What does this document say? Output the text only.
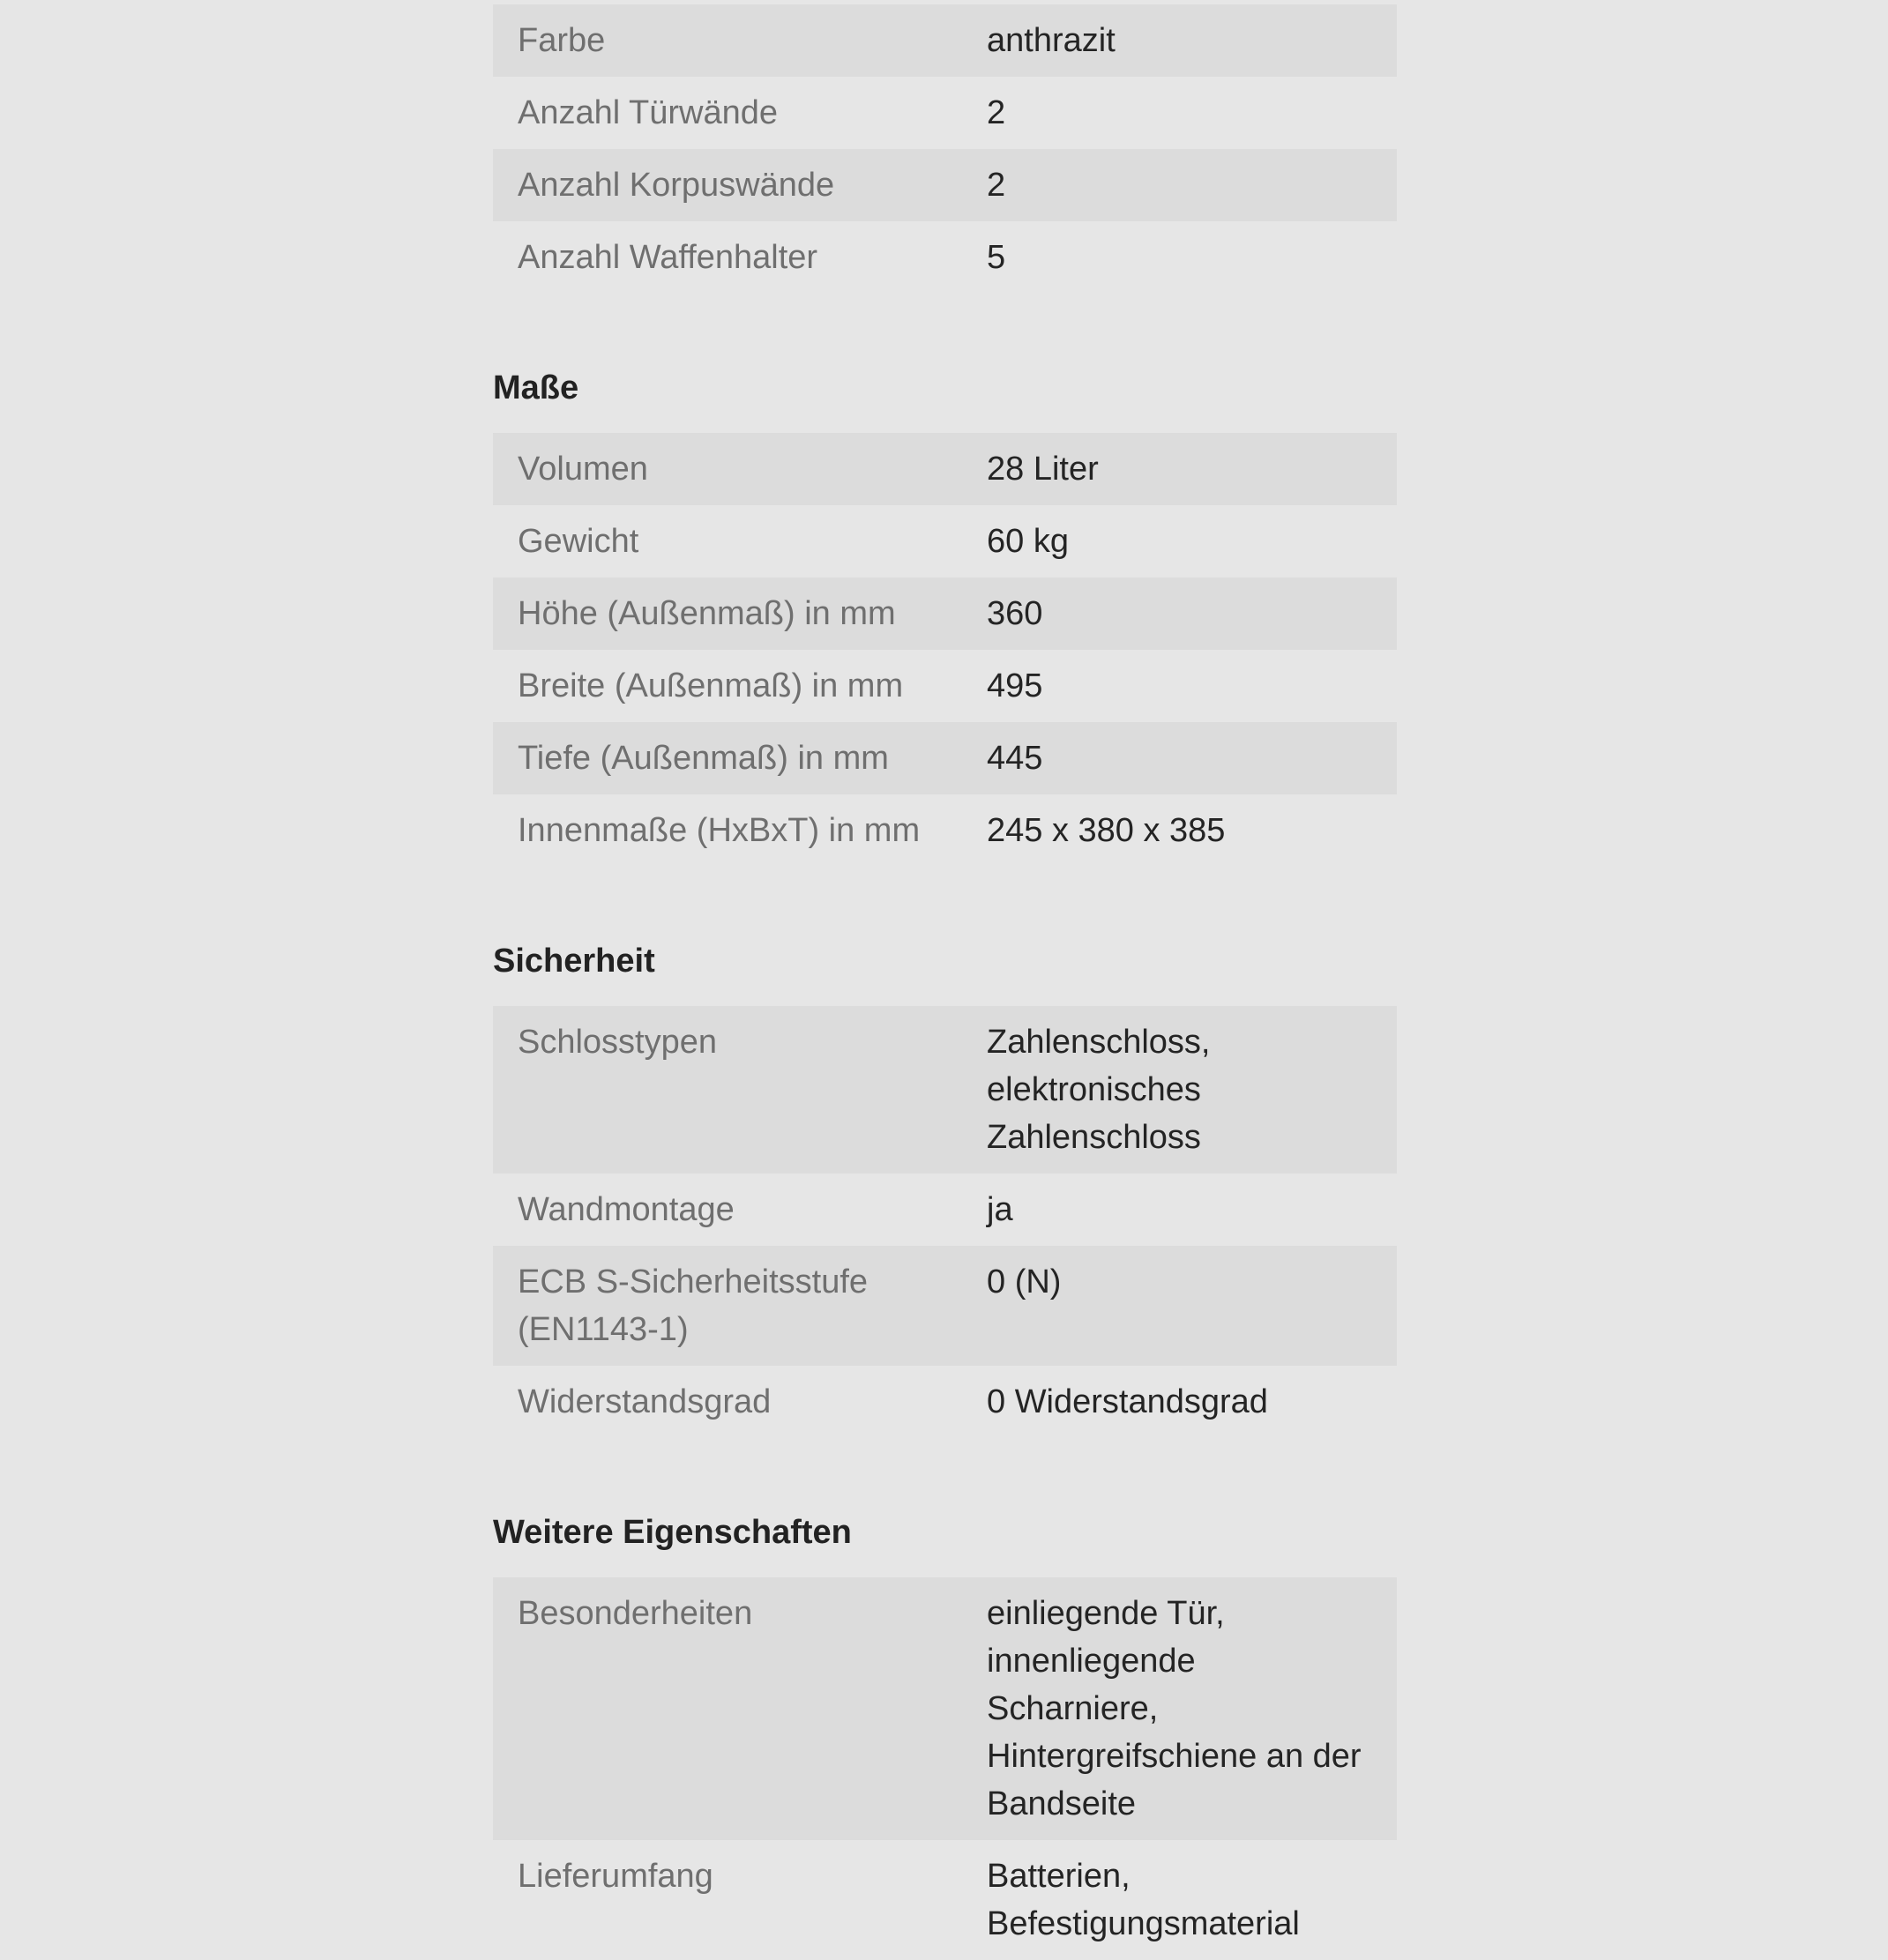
Farbe	anthrazit
Anzahl Türwände	2
Anzahl Korpuswände	2
Anzahl Waffenhalter	5
Maße
Volumen	28 Liter
Gewicht	60 kg
Höhe (Außenmaß) in mm	360
Breite (Außenmaß) in mm	495
Tiefe (Außenmaß) in mm	445
Innenmaße (HxBxT) in mm	245 x 380 x 385
Sicherheit
Schlosstypen	Zahlenschloss, elektronisches Zahlenschloss
Wandmontage	ja
ECB S-Sicherheitsstufe (EN1143-1)	0 (N)
Widerstandsgrad	0 Widerstandsgrad
Weitere Eigenschaften
Besonderheiten	einliegende Tür, innenliegende Scharniere, Hintergreifschiene an der Bandseite
Lieferumfang	Batterien, Befestigungsmaterial
